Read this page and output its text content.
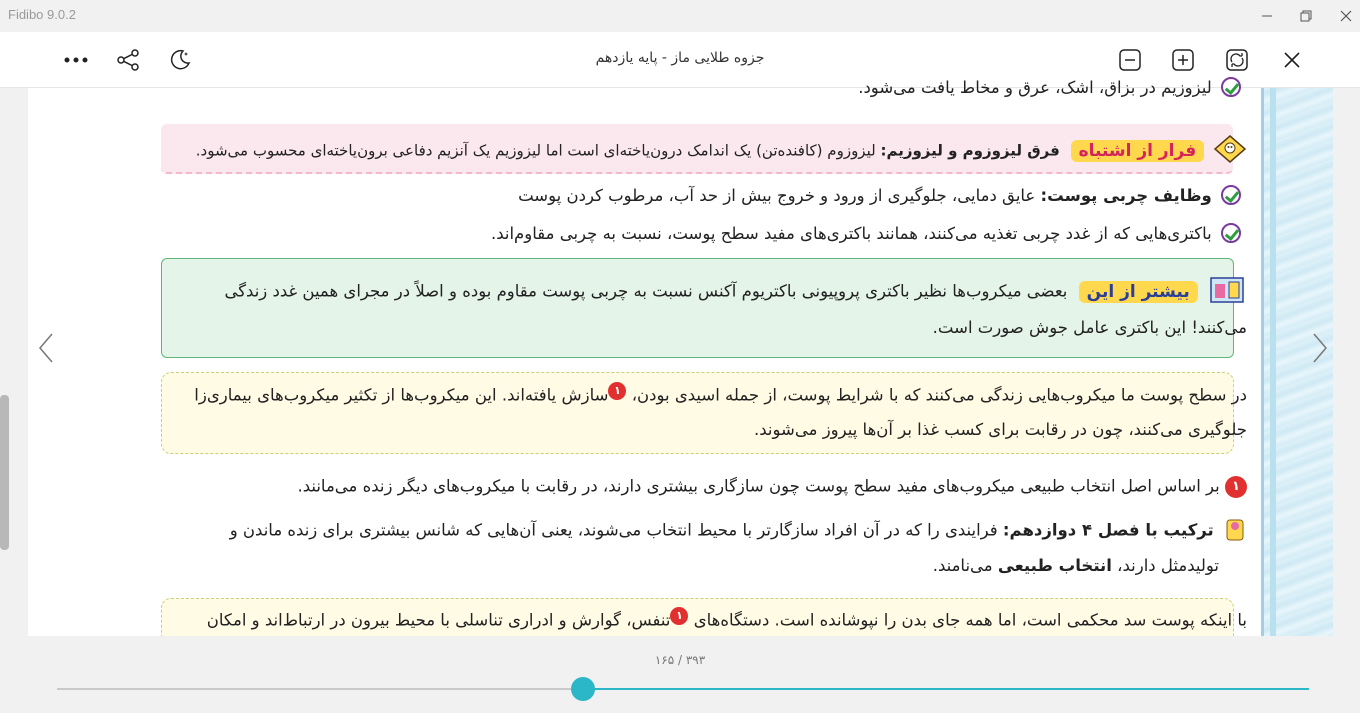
Fidibo 9.0.2
جزوه طلایی ماز - پایه یازدهم
لیزوزیم در بزاق، اشک، عرق و مخاط یافت می‌شود.
فرار از اشتباه فرق لیزوزوم و لیزوزیم: لیزوزوم (کافنده‌تن) یک اندامک درون‌یاخته‌ای است اما لیزوزیم یک آنزیم دفاعی برون‌یاخته‌ای محسوب می‌شود.
وظایف چربی پوست: عایق دمایی، جلوگیری از ورود و خروج بیش از حد آب، مرطوب کردن پوست
باکتری‌هایی که از غدد چربی تغذیه می‌کنند، همانند باکتری‌های مفید سطح پوست، نسبت به چربی مقاوم‌اند.
بیشتر از این بعضی میکروب‌ها نظیر باکتری پروپیونی باکتریوم آکنس نسبت به چربی پوست مقاوم بوده و اصلاً در مجرای همین غدد زندگی
می‌کنند! این باکتری عامل جوش صورت است.
در سطح پوست ما میکروب‌هایی زندگی می‌کنند که با شرایط پوست، از جمله اسیدی بودن، ۱سازش یافته‌اند. این میکروب‌ها از تکثیر میکروب‌های بیماری‌زا
جلوگیری می‌کنند، چون در رقابت برای کسب غذا بر آن‌ها پیروز می‌شوند.
۱ بر اساس اصل انتخاب طبیعی میکروب‌های مفید سطح پوست چون سازگاری بیشتری دارند، در رقابت با میکروب‌های دیگر زنده می‌مانند.
ترکیب با فصل ۴ دوازدهم: فرایندی را که در آن افراد سازگارتر با محیط انتخاب می‌شوند، یعنی آن‌هایی که شانس بیشتری برای زنده ماندن و
تولیدمثل دارند، انتخاب طبیعی می‌نامند.
با اینکه پوست سد محکمی است، اما همه جای بدن را نپوشانده است. دستگاه‌های ۱تنفس، گوارش و ادراری تناسلی با محیط بیرون در ارتباط‌اند و امکان
۱۶۵ / ۳۹۳
